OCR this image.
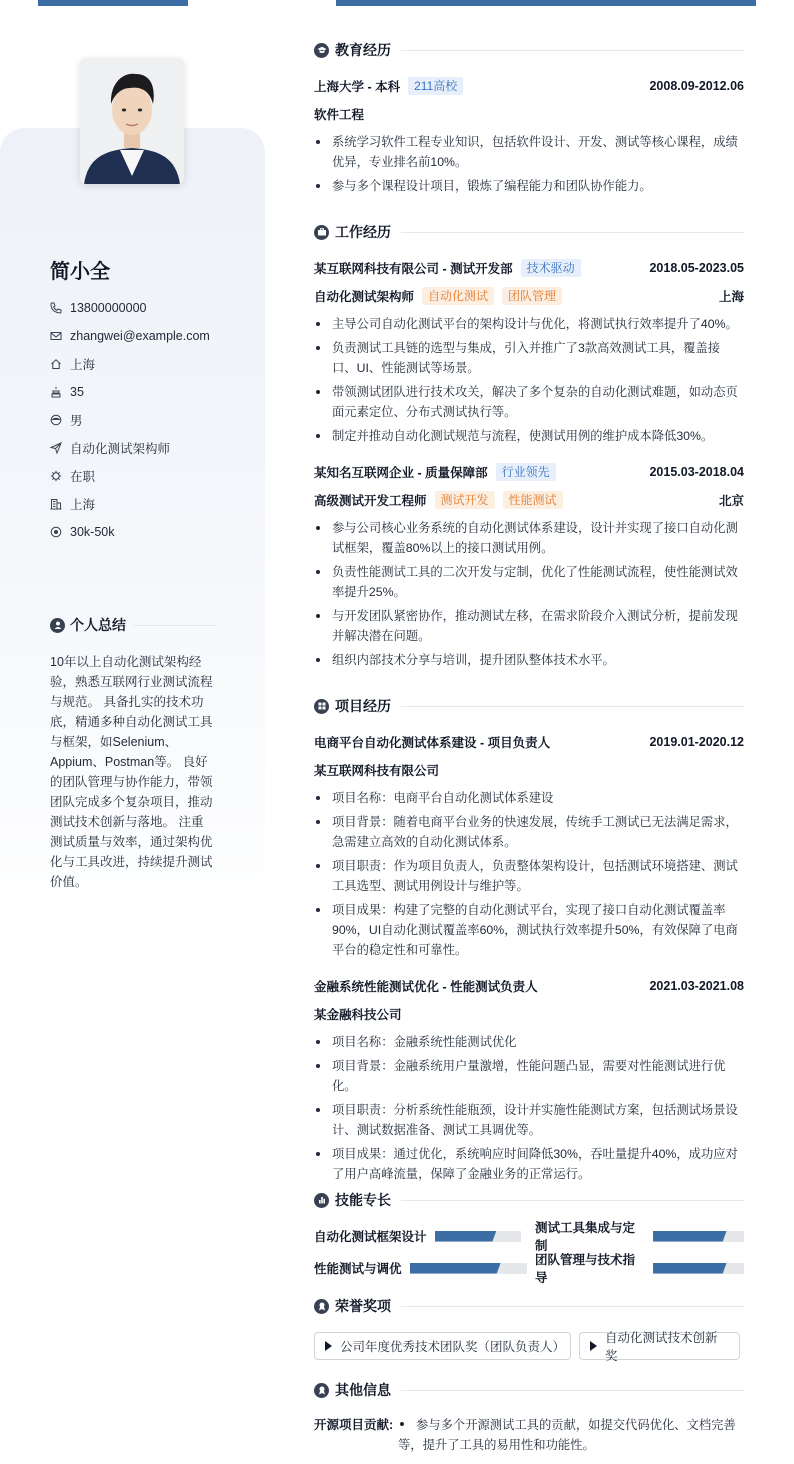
简小全
13800000000
zhangwei@example.com
上海
35
男
自动化测试架构师
在职
上海
30k-50k
个人总结
10年以上自动化测试架构经验，熟悉互联网行业测试流程与规范。 具备扎实的技术功底，精通多种自动化测试工具与框架，如Selenium、Appium、Postman等。 良好的团队管理与协作能力，带领团队完成多个复杂项目，推动测试技术创新与落地。 注重测试质量与效率，通过架构优化与工具改进，持续提升测试价值。
教育经历
上海大学 - 本科	211高校	2008.09-2012.06
软件工程
系统学习软件工程专业知识，包括软件设计、开发、测试等核心课程，成绩优异，专业排名前10%。
参与多个课程设计项目，锻炼了编程能力和团队协作能力。
工作经历
某互联网科技有限公司 - 测试开发部	技术驱动	2018.05-2023.05
自动化测试架构师	自动化测试	团队管理	上海
主导公司自动化测试平台的架构设计与优化，将测试执行效率提升了40%。
负责测试工具链的选型与集成，引入并推广了3款高效测试工具，覆盖接口、UI、性能测试等场景。
带领测试团队进行技术攻关，解决了多个复杂的自动化测试难题，如动态页面元素定位、分布式测试执行等。
制定并推动自动化测试规范与流程，使测试用例的维护成本降低30%。
某知名互联网企业 - 质量保障部	行业领先	2015.03-2018.04
高级测试开发工程师	测试开发	性能测试	北京
参与公司核心业务系统的自动化测试体系建设，设计并实现了接口自动化测试框架，覆盖80%以上的接口测试用例。
负责性能测试工具的二次开发与定制，优化了性能测试流程，使性能测试效率提升25%。
与开发团队紧密协作，推动测试左移，在需求阶段介入测试分析，提前发现并解决潜在问题。
组织内部技术分享与培训，提升团队整体技术水平。
项目经历
电商平台自动化测试体系建设 - 项目负责人	2019.01-2020.12
某互联网科技有限公司
项目名称：电商平台自动化测试体系建设
项目背景：随着电商平台业务的快速发展，传统手工测试已无法满足需求，急需建立高效的自动化测试体系。
项目职责：作为项目负责人，负责整体架构设计，包括测试环境搭建、测试工具选型、测试用例设计与维护等。
项目成果：构建了完整的自动化测试平台，实现了接口自动化测试覆盖率90%，UI自动化测试覆盖率60%，测试执行效率提升50%，有效保障了电商平台的稳定性和可靠性。
金融系统性能测试优化 - 性能测试负责人	2021.03-2021.08
某金融科技公司
项目名称：金融系统性能测试优化
项目背景：金融系统用户量激增，性能问题凸显，需要对性能测试进行优化。
项目职责：分析系统性能瓶颈，设计并实施性能测试方案，包括测试场景设计、测试数据准备、测试工具调优等。
项目成果：通过优化，系统响应时间降低30%，吞吐量提升40%，成功应对了用户高峰流量，保障了金融业务的正常运行。
技能专长
自动化测试框架设计
测试工具集成与定制
性能测试与调优
团队管理与技术指导
荣誉奖项
公司年度优秀技术团队奖（团队负责人）
自动化测试技术创新奖
其他信息
开源项目贡献:	参与多个开源测试工具的贡献，如提交代码优化、文档完善等，提升了工具的易用性和功能性。
